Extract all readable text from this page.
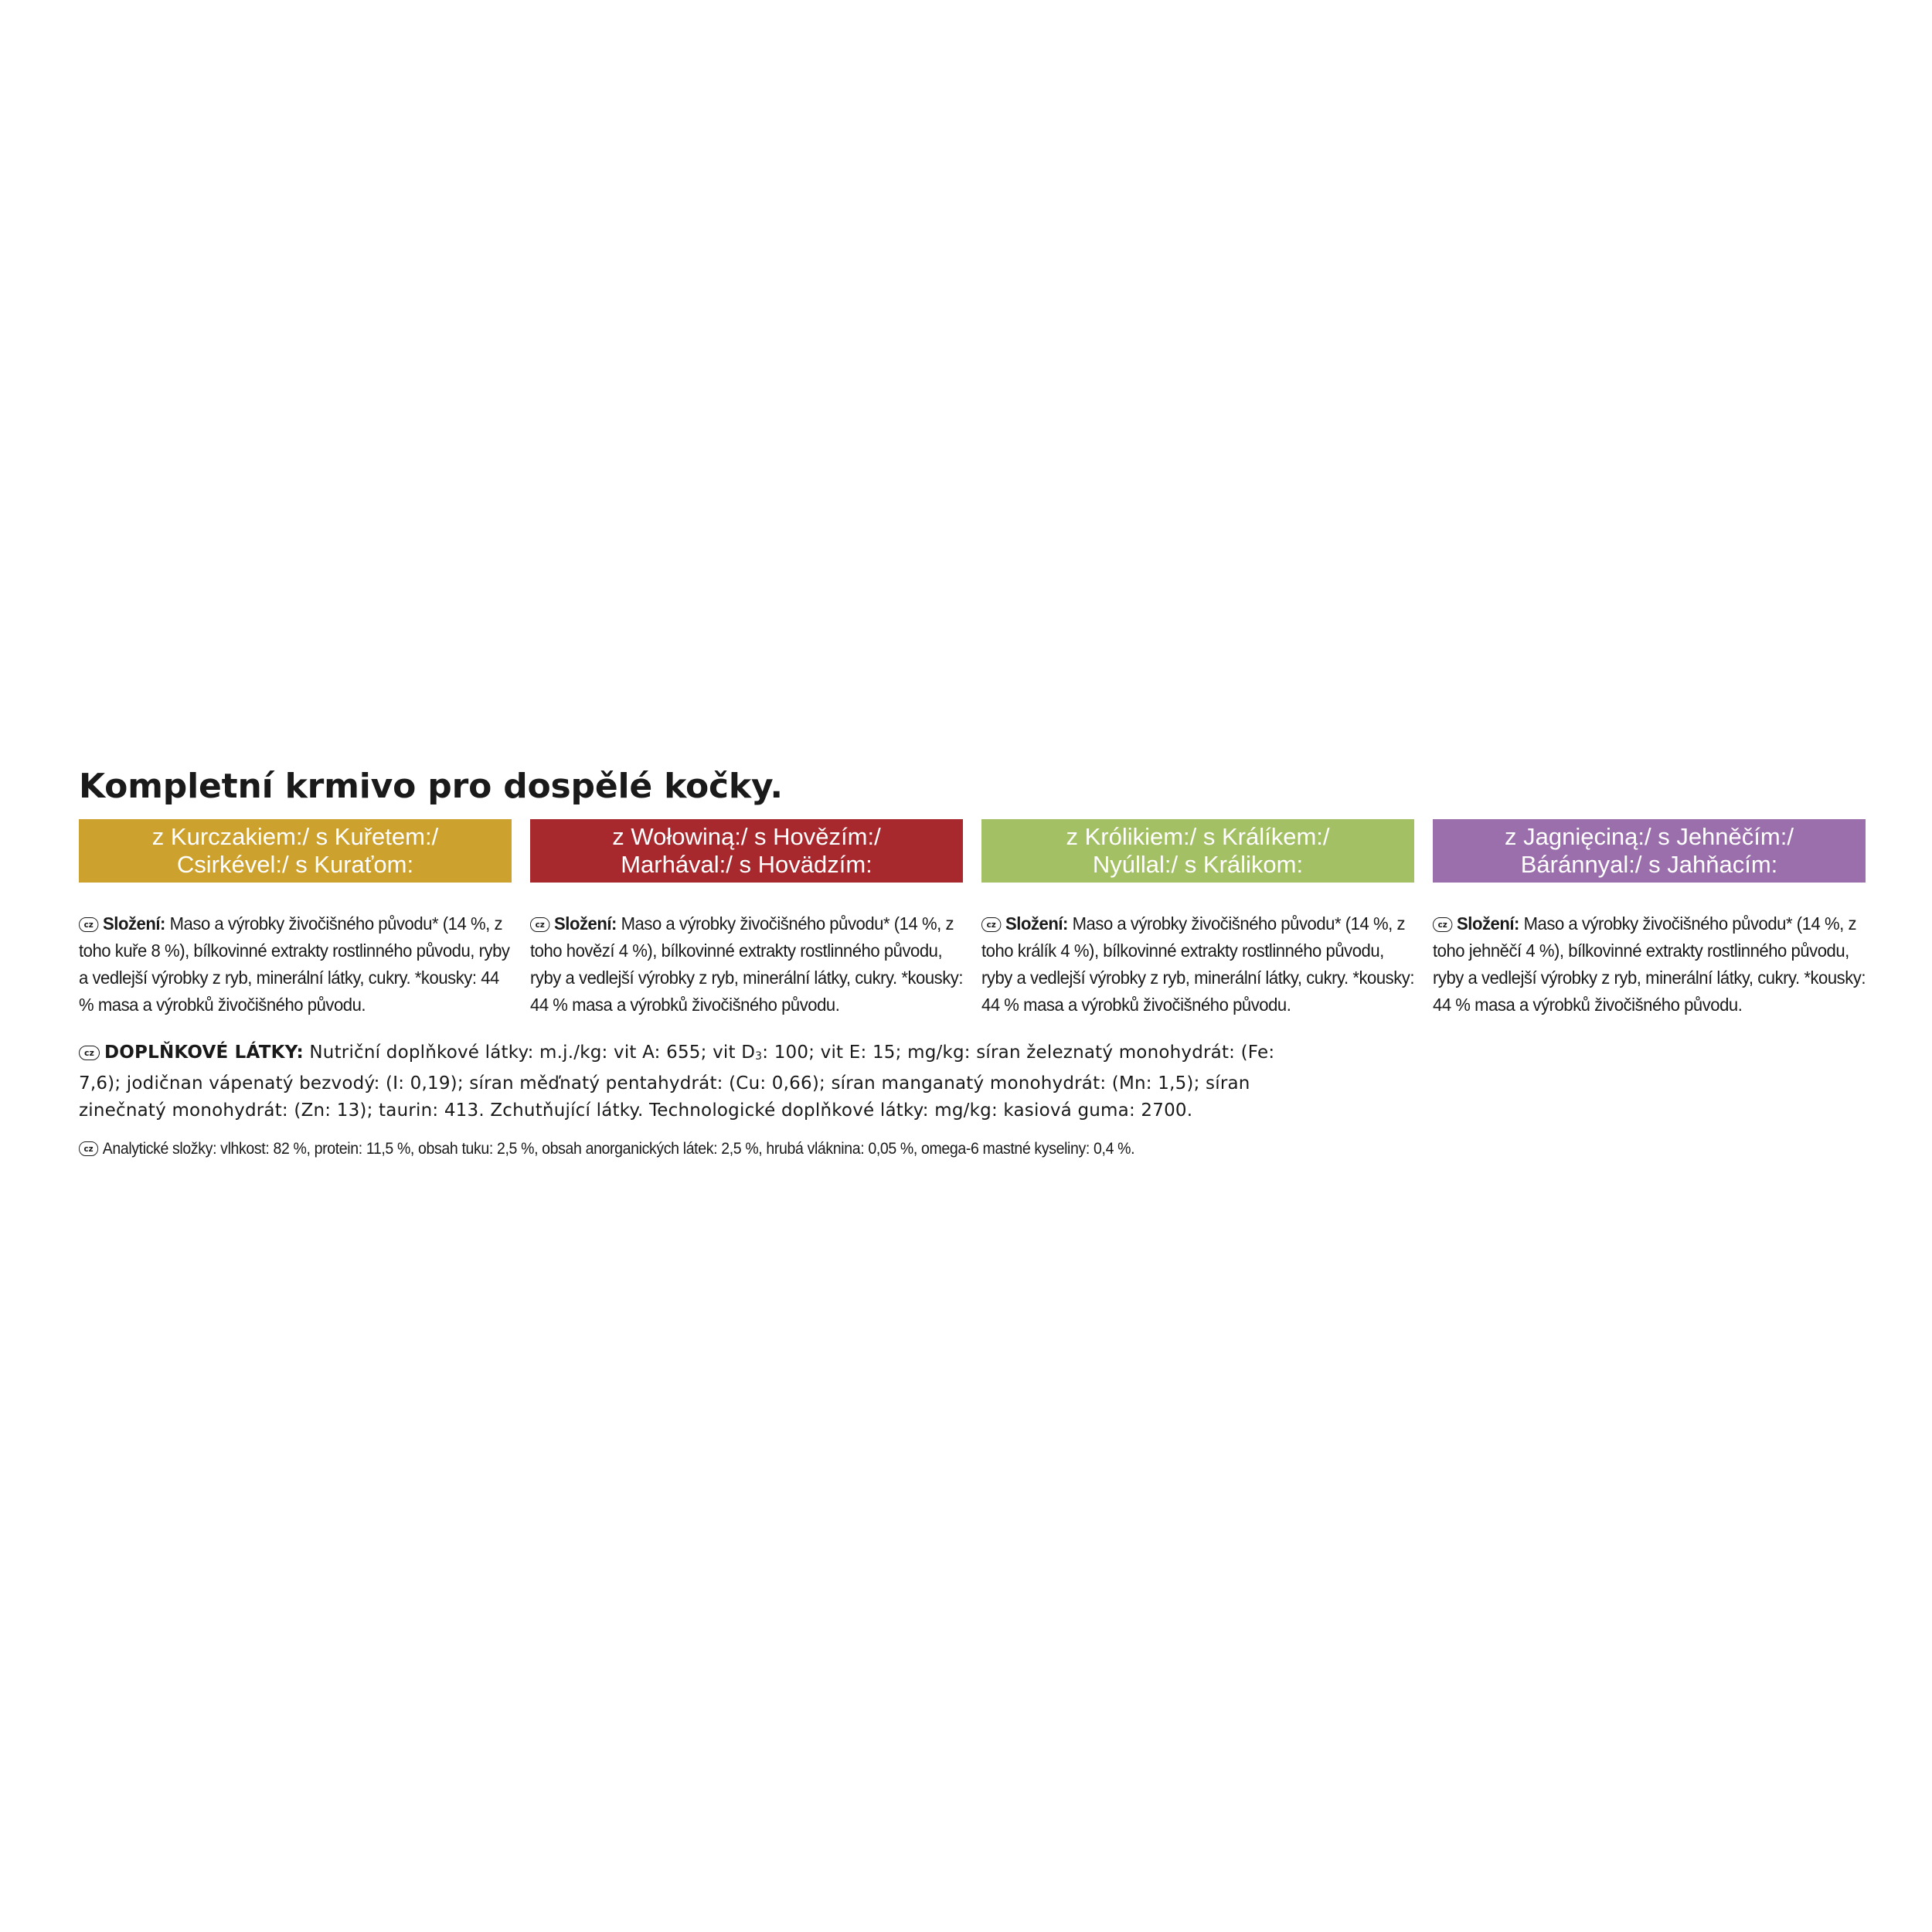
Kompletní krmivo pro dospělé kočky.
z Kurczakiem:/ s Kuřetem:/
Csirkével:/ s Kuraťom:
cz Složení: Maso a výrobky živočišného původu* (14 %, z toho kuře 8 %), bílkovinné extrakty rostlinného původu, ryby a vedlejší výrobky z ryb, minerální látky, cukry. *kousky: 44 % masa a výrobků živočišného původu.
z Wołowiną:/ s Hovězím:/
Marhával:/ s Hovädzím:
cz Složení: Maso a výrobky živočišného původu* (14 %, z toho hovězí 4 %), bílkovinné extrakty rostlinného původu, ryby a vedlejší výrobky z ryb, minerální látky, cukry. *kousky: 44 % masa a výrobků živočišného původu.
z Królikiem:/ s Králíkem:/
Nyúllal:/ s Králikom:
cz Složení: Maso a výrobky živočišného původu* (14 %, z toho králík 4 %), bílkovinné extrakty rostlinného původu, ryby a vedlejší výrobky z ryb, minerální látky, cukry. *kousky: 44 % masa a výrobků živočišného původu.
z Jagnięciną:/ s Jehněčím:/
Báránnyal:/ s Jahňacím:
cz Složení: Maso a výrobky živočišného původu* (14 %, z toho jehněčí 4 %), bílkovinné extrakty rostlinného původu, ryby a vedlejší výrobky z ryb, minerální látky, cukry. *kousky: 44 % masa a výrobků živočišného původu.
cz DOPLŇKOVÉ LÁTKY: Nutriční doplňkové látky: m.j./kg: vit A: 655; vit $D_3$: 100; vit E: 15; mg/kg: síran železnatý monohydrát: (Fe: 7,6); jodičnan vápenatý bezvodý: (I: 0,19); síran měďnatý pentahydrát: (Cu: 0,66); síran manganatý monohydrát: (Mn: 1,5); síran zinečnatý monohydrát: (Zn: 13); taurin: 413. Zchutňující látky. Technologické doplňkové látky: mg/kg: kasiová guma: 2700.
cz Analytické složky: vlhkost: 82 %, protein: 11,5 %, obsah tuku: 2,5 %, obsah anorganických látek: 2,5 %, hrubá vláknina: 0,05 %, omega-6 mastné kyseliny: 0,4 %.
